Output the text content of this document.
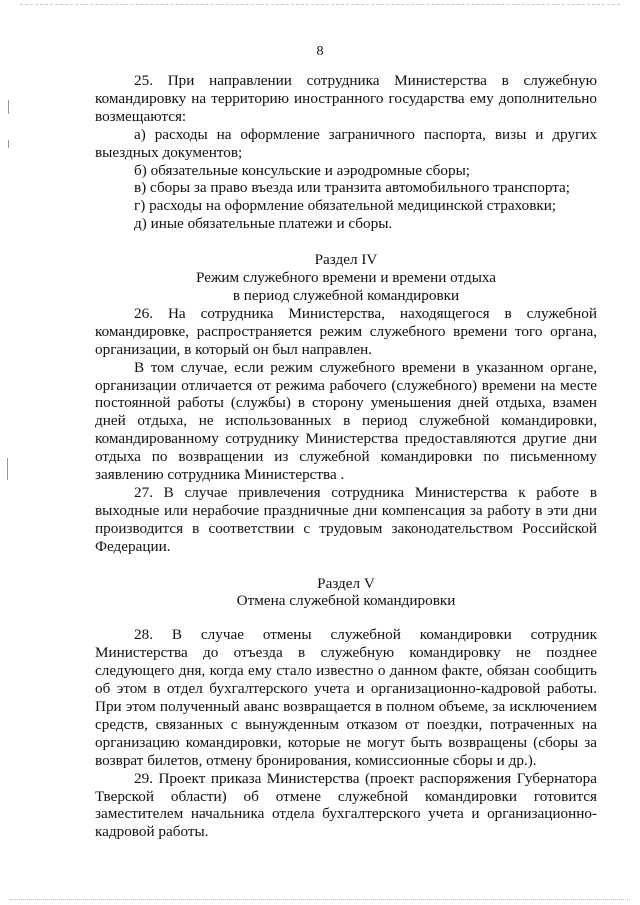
8

25. При направлении сотрудника Министерства в служебную командировку на территорию иностранного государства ему дополнительно возмещаются:

а) расходы на оформление заграничного паспорта, визы и других выездных документов;

б) обязательные консульские и аэродромные сборы;

в) сборы за право въезда или транзита автомобильного транспорта;

г) расходы на оформление обязательной медицинской страховки;

д) иные обязательные платежи и сборы.

Раздел IV

Режим служебного времени и времени отдыха

в период служебной командировки

26. На сотрудника Министерства, находящегося в служебной командировке, распространяется режим служебного времени того органа, организации, в который он был направлен.

В том случае, если режим служебного времени в указанном органе, организации отличается от режима рабочего (служебного) времени на месте постоянной работы (службы) в сторону уменьшения дней отдыха, взамен дней отдыха, не использованных в период служебной командировки, командированному сотруднику Министерства предоставляются другие дни отдыха по возвращении из служебной командировки по письменному заявлению сотрудника Министерства .

27. В случае привлечения сотрудника Министерства к работе в выходные или нерабочие праздничные дни компенсация за работу в эти дни производится в соответствии с трудовым законодательством Российской Федерации.

Раздел V

Отмена служебной командировки

28. В случае отмены служебной командировки сотрудник Министерства до отъезда в служебную командировку не позднее следующего дня, когда ему стало известно о данном факте, обязан сообщить об этом в отдел бухгалтерского учета и организационно-кадровой работы. При этом полученный аванс возвращается в полном объеме, за исключением средств, связанных с вынужденным отказом от поездки, потраченных на организацию командировки, которые не могут быть возвращены (сборы за возврат билетов, отмену бронирования, комиссионные сборы и др.).

29. Проект приказа Министерства (проект распоряжения Губернатора Тверской области) об отмене служебной командировки готовится заместителем начальника отдела бухгалтерского учета и организационно-кадровой работы.
